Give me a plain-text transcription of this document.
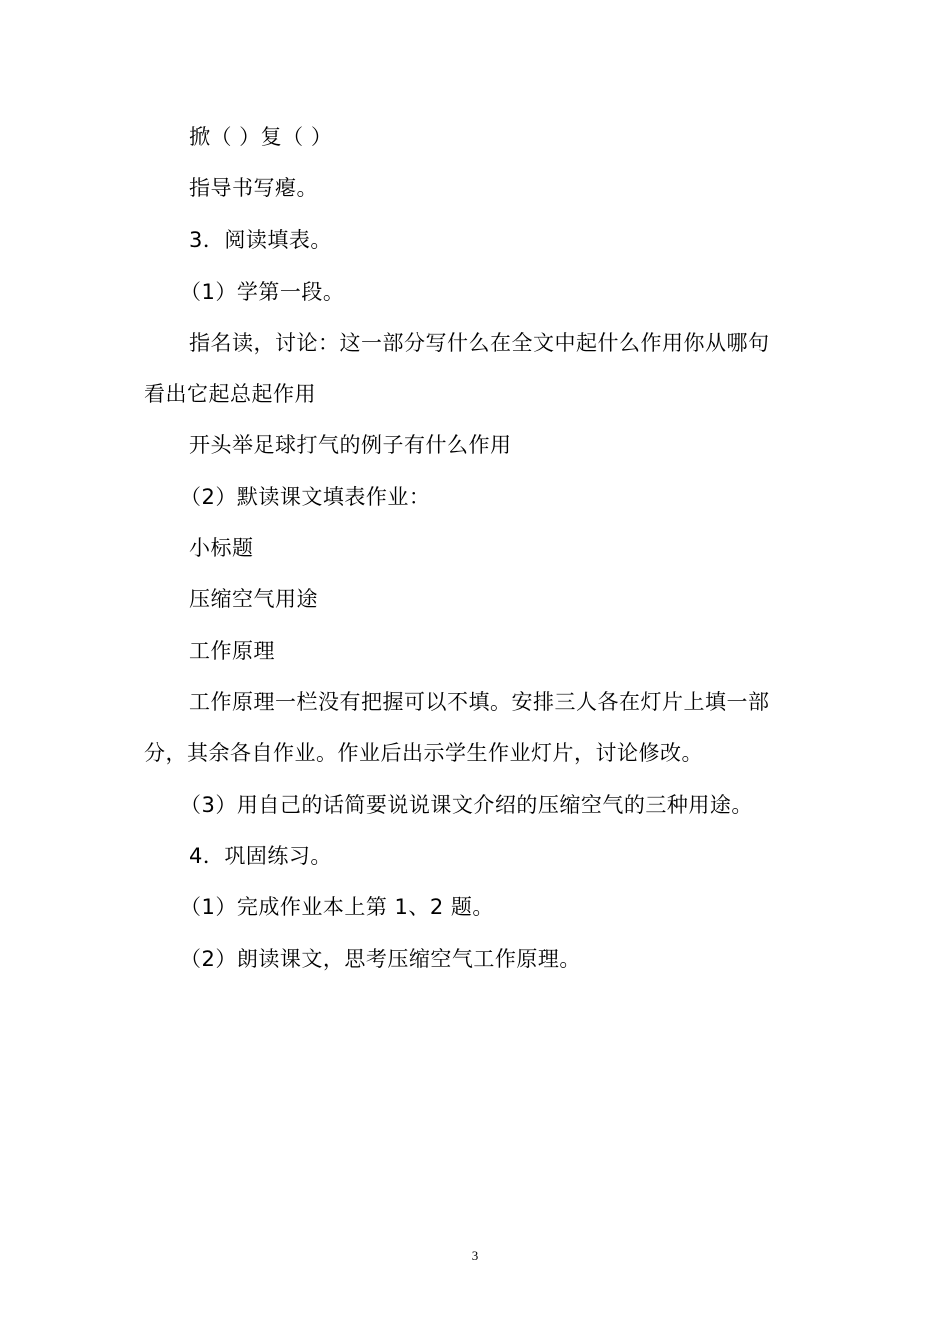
掀（ ）复（ ）
指导书写瘪。
3．阅读填表。
（1）学第一段。
指名读，讨论：这一部分写什么在全文中起什么作用你从哪句
看出它起总起作用
开头举足球打气的例子有什么作用
（2）默读课文填表作业：
小标题
压缩空气用途
工作原理
工作原理一栏没有把握可以不填。安排三人各在灯片上填一部
分，其余各自作业。作业后出示学生作业灯片，讨论修改。
（3）用自己的话简要说说课文介绍的压缩空气的三种用途。
4．巩固练习。
（1）完成作业本上第 1、2 题。
（2）朗读课文，思考压缩空气工作原理。
3
